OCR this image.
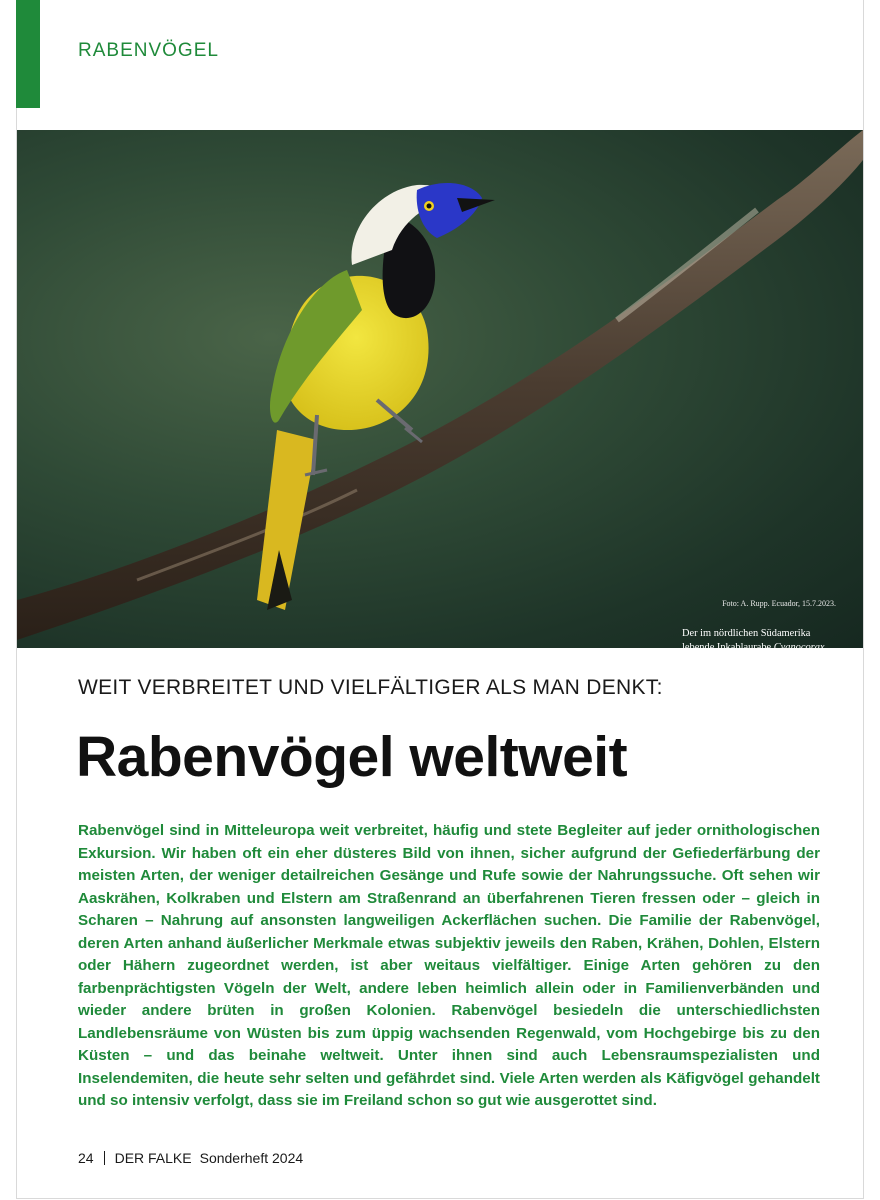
RABENVÖGEL
Der im nördlichen Südamerika lebende Inkablaurabe Cyanocorax yncas gehört zu den farbenprächtigsten Rabenvögeln und ist ein Bewohner tropischer und subtropischer Wälder bis zu einer Höhe von circa 2200 m.
Foto: A. Rupp. Ecuador, 15.7.2023.
WEIT VERBREITET UND VIELFÄLTIGER ALS MAN DENKT:
Rabenvögel weltweit
Rabenvögel sind in Mitteleuropa weit verbreitet, häufig und stete Begleiter auf jeder ornithologischen Exkursion. Wir haben oft ein eher düsteres Bild von ihnen, sicher aufgrund der Gefiederfärbung der meisten Arten, der weniger detailreichen Gesänge und Rufe sowie der Nahrungssuche. Oft sehen wir Aaskrähen, Kolkraben und Elstern am Straßenrand an überfahrenen Tieren fressen oder – gleich in Scharen – Nahrung auf ansonsten langweiligen Ackerflächen suchen. Die Familie der Rabenvögel, deren Arten anhand äußerlicher Merkmale etwas subjektiv jeweils den Raben, Krähen, Dohlen, Elstern oder Hähern zugeordnet werden, ist aber weitaus vielfältiger. Einige Arten gehören zu den farbenprächtigsten Vögeln der Welt, andere leben heimlich allein oder in Familienverbänden und wieder andere brüten in großen Kolonien. Rabenvögel besiedeln die unterschiedlichsten Landlebensräume von Wüsten bis zum üppig wachsenden Regenwald, vom Hochgebirge bis zu den Küsten – und das beinahe weltweit. Unter ihnen sind auch Lebensraumspezialisten und Inselendemiten, die heute sehr selten und gefährdet sind. Viele Arten werden als Käfigvögel gehandelt und so intensiv verfolgt, dass sie im Freiland schon so gut wie ausgerottet sind.
24 DER FALKE Sonderheft 2024
